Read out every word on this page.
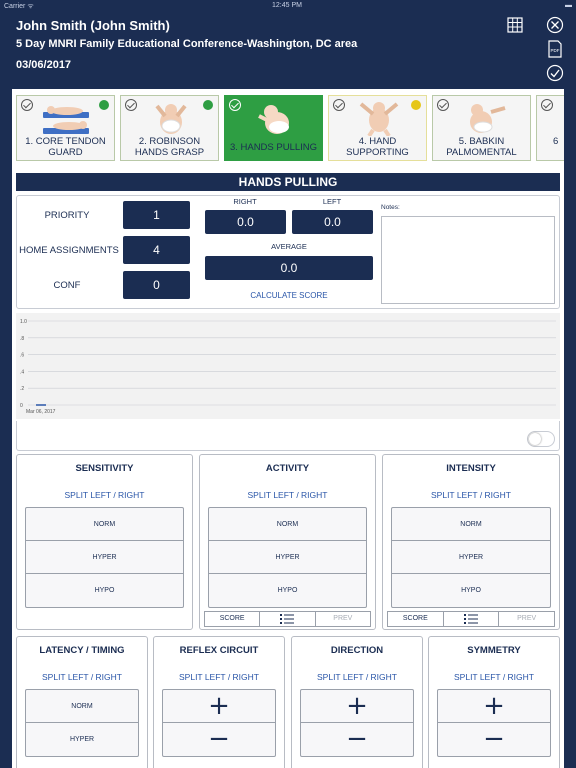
Carrier ᯤ	12:45 PM	▬
John Smith (John Smith)
5 Day MNRI Family Educational Conference-Washington, DC area
03/06/2017
PDF
1. CORE TENDON GUARD
2. ROBINSON HANDS GRASP	3. HANDS PULLING
4. HAND SUPPORTING
5. BABKIN PALMOMENTAL
6
HANDS PULLING
PRIORITY	1
HOME ASSIGNMENTS	4
CONF	0
RIGHT
0.0
LEFT
0.0
AVERAGE
0.0
CALCULATE SCORE
Notes:
1.0
.8
.6
.4
.2
0
Mar 06, 2017
SENSITIVITY
SPLIT LEFT / RIGHT
NORM
HYPER
HYPO
ACTIVITY
SPLIT LEFT / RIGHT
NORM
HYPER
HYPO
SCORE	PREV
INTENSITY
SPLIT LEFT / RIGHT
NORM
HYPER
HYPO
SCORE	PREV
LATENCY / TIMING
SPLIT LEFT / RIGHT
NORM
HYPER
REFLEX CIRCUIT
SPLIT LEFT / RIGHT
+
−
DIRECTION
SPLIT LEFT / RIGHT
+
−
SYMMETRY
SPLIT LEFT / RIGHT
+
−
